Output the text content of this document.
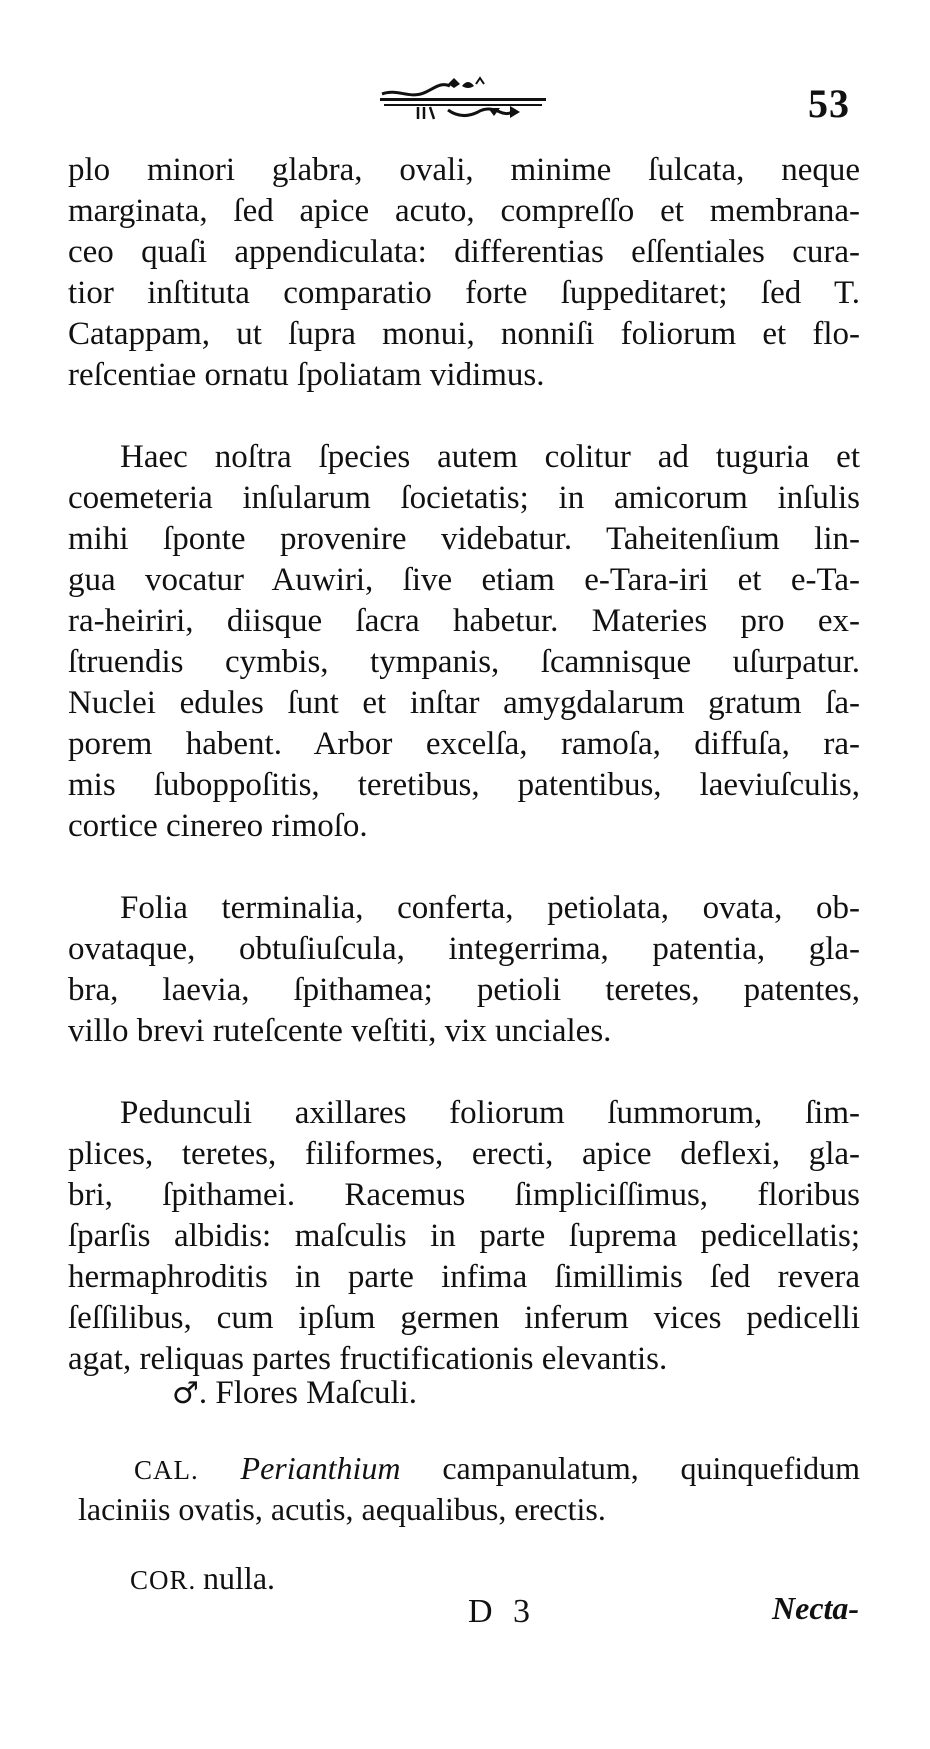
53
plo minori glabra, ovali, minime ſulcata, neque
marginata, ſed apice acuto, compreſſo et membrana-
ceo quaſi appendiculata: differentias eſſentiales cura-
tior inſtituta comparatio forte ſuppeditaret; ſed T.
Catappam, ut ſupra monui, nonniſi foliorum et flo-
reſcentiae ornatu ſpoliatam vidimus.
Haec noſtra ſpecies autem colitur ad tuguria et
coemeteria inſularum ſocietatis; in amicorum inſulis
mihi ſponte provenire videbatur. Taheitenſium lin-
gua vocatur Auwiri, ſive etiam e-Tara-iri et e-Ta-
ra-heiriri, diisque ſacra habetur. Materies pro ex-
ſtruendis cymbis, tympanis, ſcamnisque uſurpatur.
Nuclei edules ſunt et inſtar amygdalarum gratum ſa-
porem habent. Arbor excelſa, ramoſa, diffuſa, ra-
mis ſuboppoſitis, teretibus, patentibus, laeviuſculis,
cortice cinereo rimoſo.
Folia terminalia, conferta, petiolata, ovata, ob-
ovataque, obtuſiuſcula, integerrima, patentia, gla-
bra, laevia, ſpithamea; petioli teretes, patentes,
villo brevi ruteſcente veſtiti, vix unciales.
Pedunculi axillares foliorum ſummorum, ſim-
plices, teretes, filiformes, erecti, apice deflexi, gla-
bri, ſpithamei. Racemus ſimpliciſſimus, floribus
ſparſis albidis: maſculis in parte ſuprema pedicellatis;
hermaphroditis in parte infima ſimillimis ſed revera
ſeſſilibus, cum ipſum germen inferum vices pedicelli
agat, reliquas partes fructificationis elevantis.
♂. Flores Maſculi.
CAL. Perianthium campanulatum, quinquefidum
laciniis ovatis, acutis, aequalibus, erectis.
COR. nulla.
D 3	Necta-
